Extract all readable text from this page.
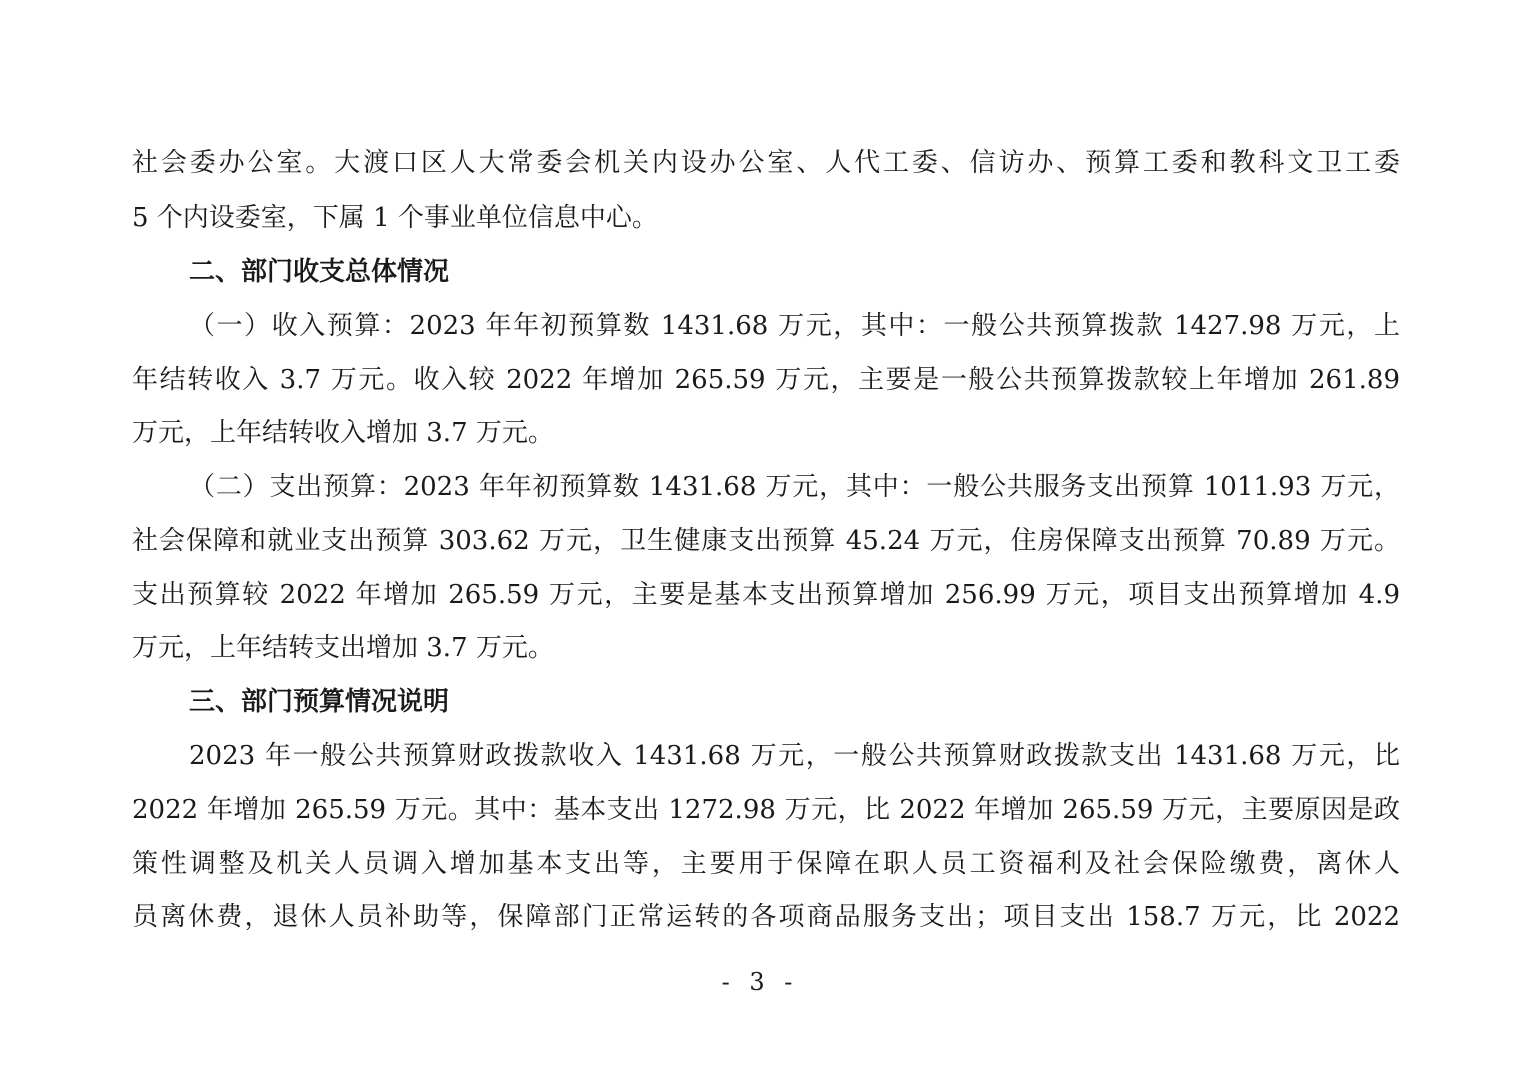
社会委办公室。大渡口区人大常委会机关内设办公室、人代工委、信访办、预算工委和教科文卫工委
5 个内设委室，下属 1 个事业单位信息中心。
二、部门收支总体情况
（一）收入预算：2023 年年初预算数 1431.68 万元，其中：一般公共预算拨款 1427.98 万元，上
年结转收入 3.7 万元。收入较 2022 年增加 265.59 万元，主要是一般公共预算拨款较上年增加 261.89
万元，上年结转收入增加 3.7 万元。
（二）支出预算：2023 年年初预算数 1431.68 万元，其中：一般公共服务支出预算 1011.93 万元，
社会保障和就业支出预算 303.62 万元，卫生健康支出预算 45.24 万元，住房保障支出预算 70.89 万元。
支出预算较 2022 年增加 265.59 万元，主要是基本支出预算增加 256.99 万元，项目支出预算增加 4.9
万元，上年结转支出增加 3.7 万元。
三、部门预算情况说明
2023 年一般公共预算财政拨款收入 1431.68 万元，一般公共预算财政拨款支出 1431.68 万元，比
2022 年增加 265.59 万元。其中：基本支出 1272.98 万元，比 2022 年增加 265.59 万元，主要原因是政
策性调整及机关人员调入增加基本支出等，主要用于保障在职人员工资福利及社会保险缴费，离休人
员离休费，退休人员补助等，保障部门正常运转的各项商品服务支出；项目支出 158.7 万元，比 2022
- 3 -
